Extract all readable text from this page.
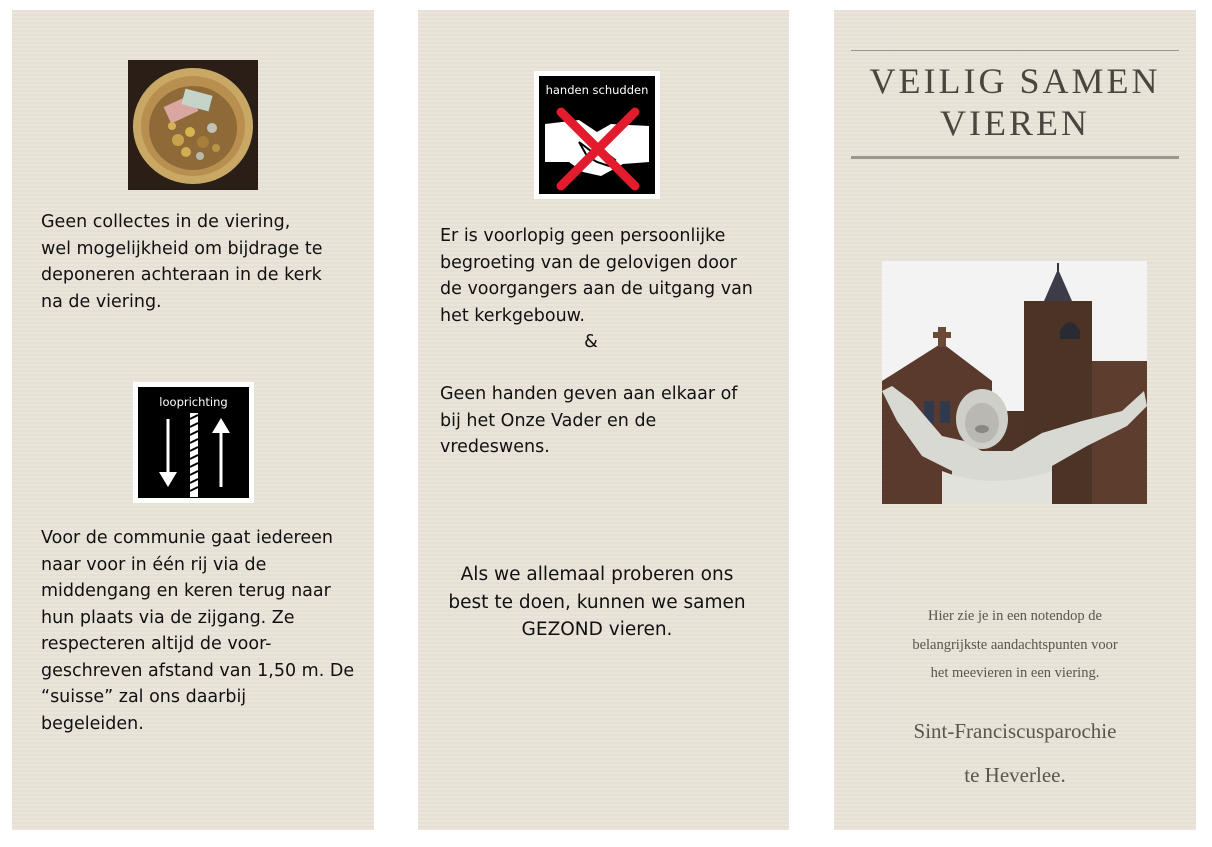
Geen collectes in de viering,
wel mogelijkheid om bijdrage te
deponeren achteraan in de kerk
na de viering.
looprichting
Voor de communie gaat iedereen
naar voor in één rij via de
middengang en keren terug naar
hun plaats via de zijgang. Ze
respecteren altijd de voor-
geschreven afstand van 1,50 m. De
“suisse” zal ons daarbij
begeleiden.
handen schudden
Er is voorlopig geen persoonlijke
begroeting van de gelovigen door
de voorgangers aan de uitgang van
het kerkgebouw.
&
Geen handen geven aan elkaar of
bij het Onze Vader en de
vredeswens.
Als we allemaal proberen ons
best te doen, kunnen we samen
GEZOND vieren.
VEILIG SAMEN
VIEREN
Hier zie je in een notendop de
belangrijkste aandachtspunten voor
het meevieren in een viering.
Sint-Franciscusparochie
te Heverlee.
